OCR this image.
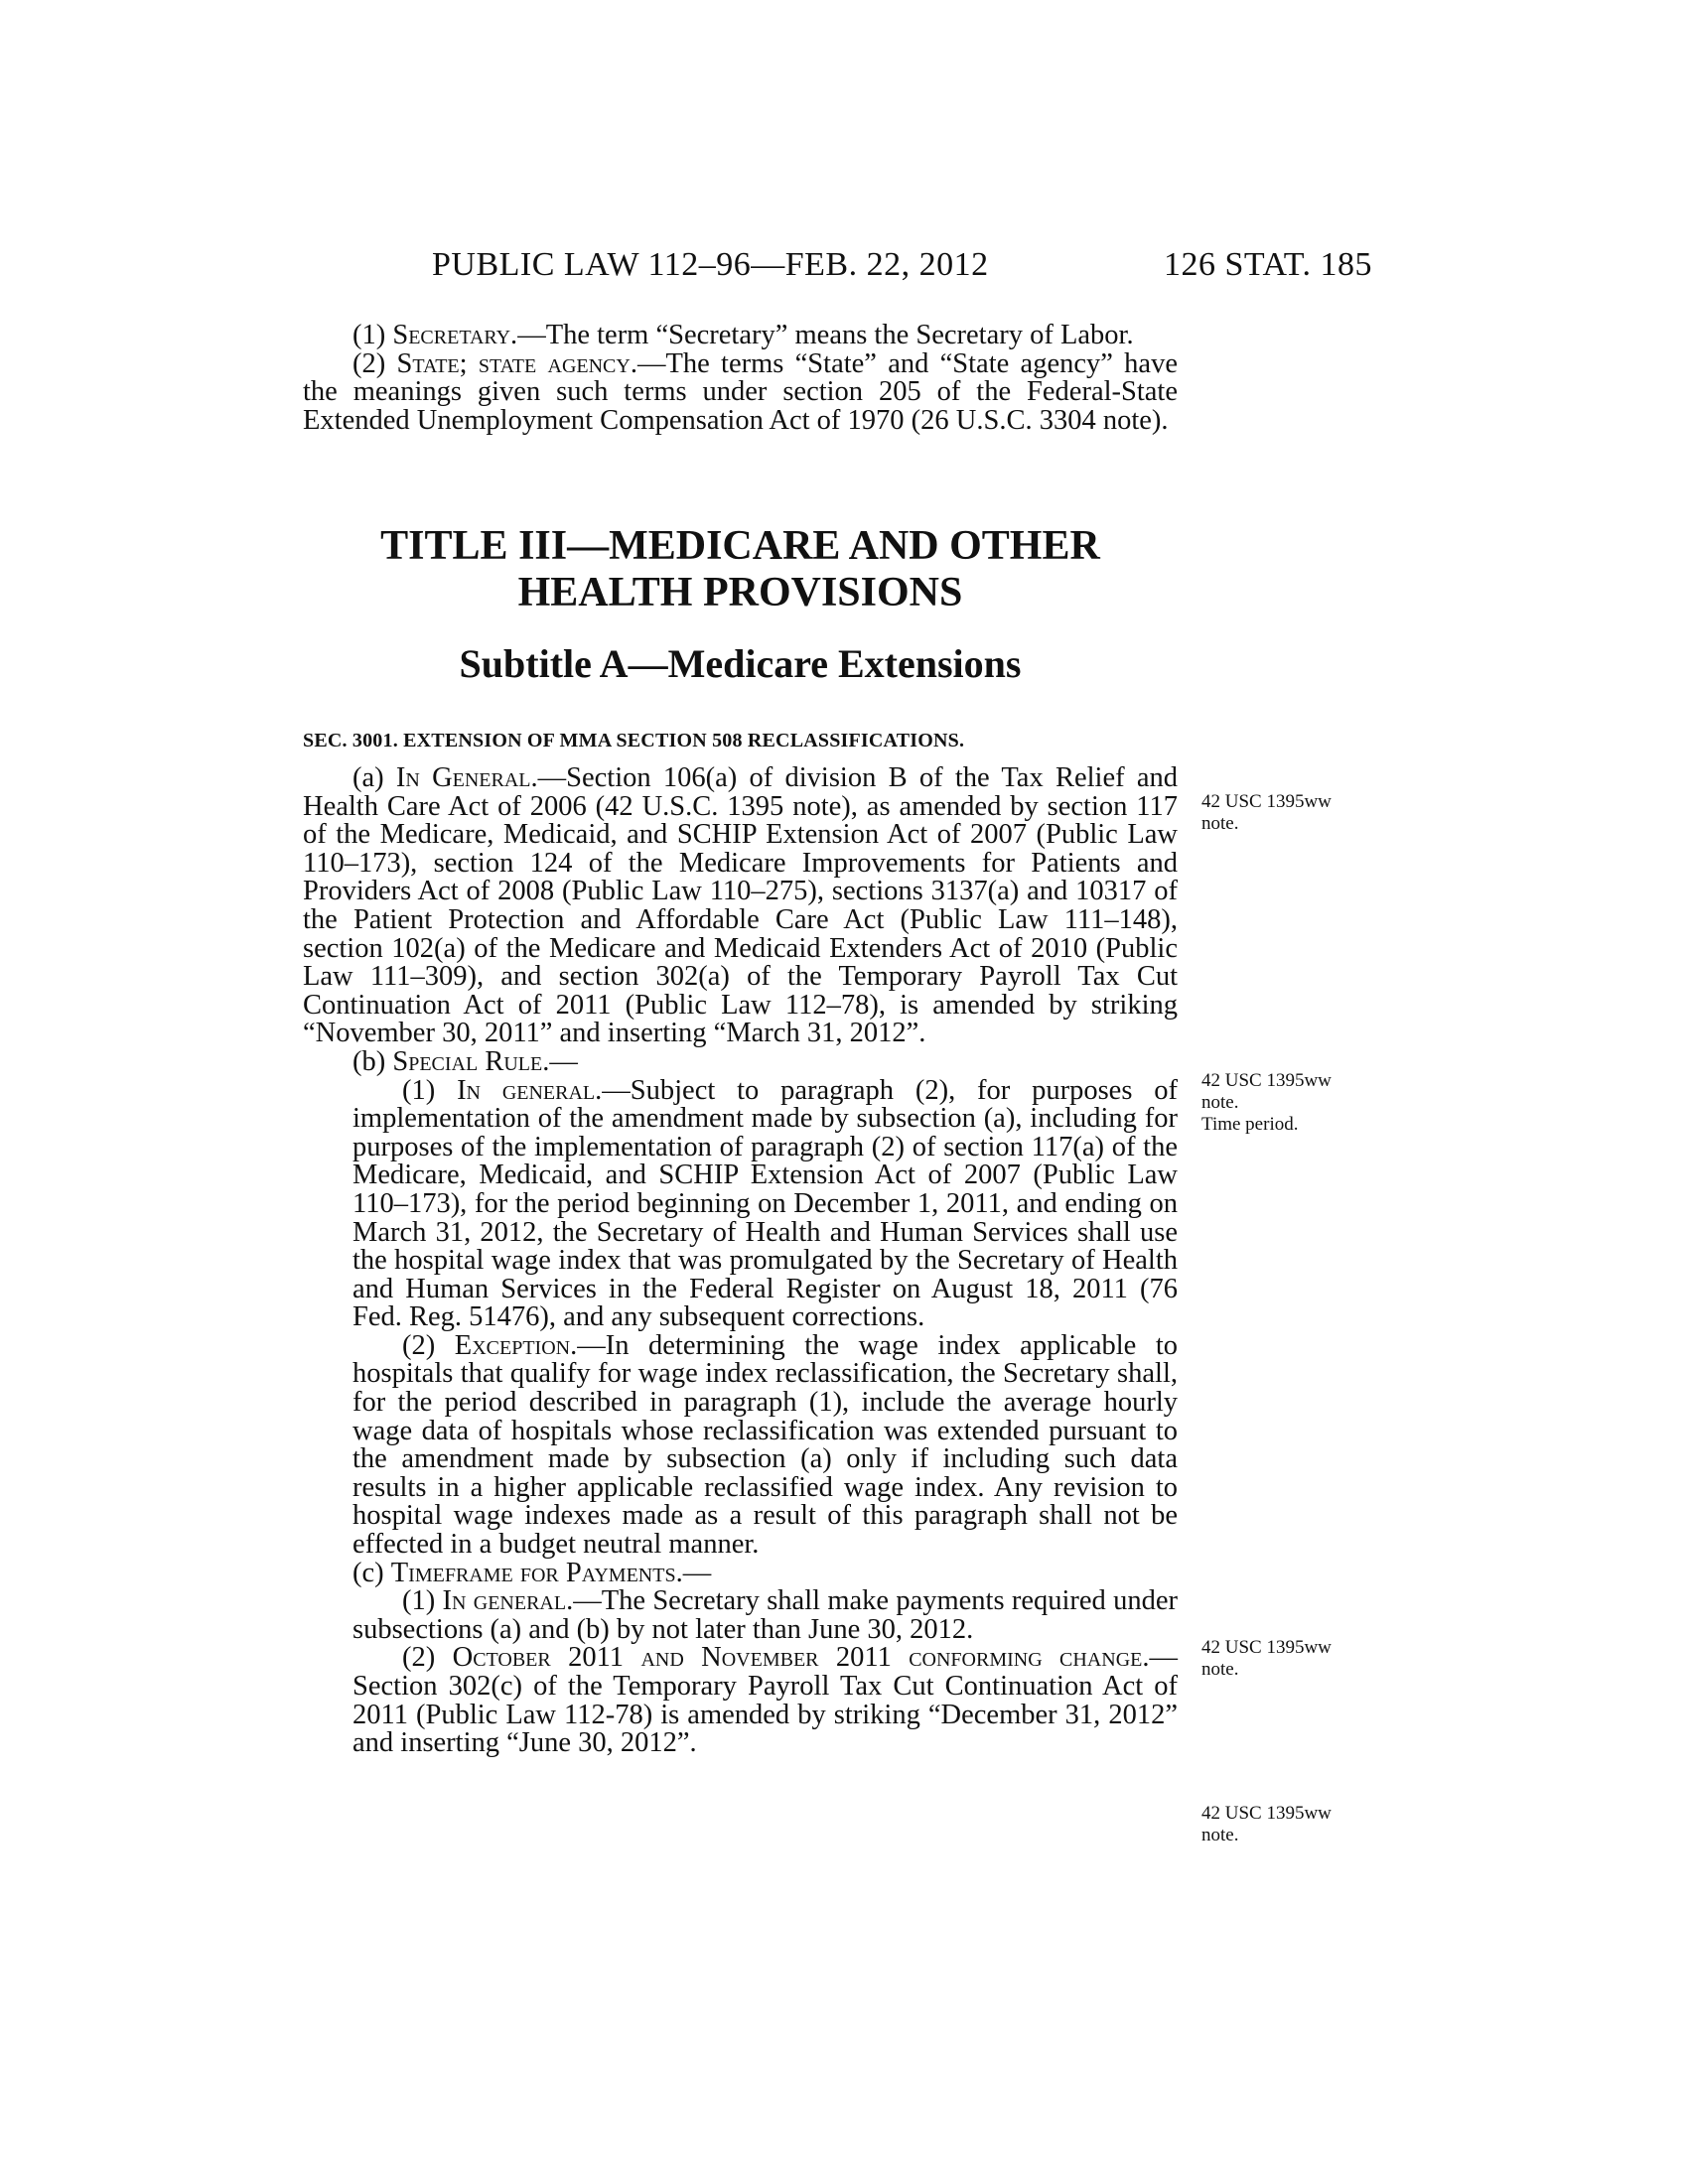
PUBLIC LAW 112–96—FEB. 22, 2012	126 STAT. 185

(1) Secretary.—The term “Secretary” means the Secretary of Labor.

(2) State; state agency.—The terms “State” and “State agency” have the meanings given such terms under section 205 of the Federal-State Extended Unemployment Compensation Act of 1970 (26 U.S.C. 3304 note).

TITLE III—MEDICARE AND OTHER
HEALTH PROVISIONS
Subtitle A—Medicare Extensions
SEC. 3001. EXTENSION OF MMA SECTION 508 RECLASSIFICATIONS.

(a) In General.—Section 106(a) of division B of the Tax Relief and Health Care Act of 2006 (42 U.S.C. 1395 note), as amended by section 117 of the Medicare, Medicaid, and SCHIP Extension Act of 2007 (Public Law 110–173), section 124 of the Medicare Improvements for Patients and Providers Act of 2008 (Public Law 110–275), sections 3137(a) and 10317 of the Patient Protection and Affordable Care Act (Public Law 111–148), section 102(a) of the Medicare and Medicaid Extenders Act of 2010 (Public Law 111–309), and section 302(a) of the Temporary Payroll Tax Cut Continuation Act of 2011 (Public Law 112–78), is amended by striking “November 30, 2011” and inserting “March 31, 2012”.

(b) Special Rule.—

(1) In general.—Subject to paragraph (2), for purposes of implementation of the amendment made by subsection (a), including for purposes of the implementation of paragraph (2) of section 117(a) of the Medicare, Medicaid, and SCHIP Extension Act of 2007 (Public Law 110–173), for the period beginning on December 1, 2011, and ending on March 31, 2012, the Secretary of Health and Human Services shall use the hospital wage index that was promulgated by the Secretary of Health and Human Services in the Federal Register on August 18, 2011 (76 Fed. Reg. 51476), and any subsequent corrections.

(2) Exception.—In determining the wage index applicable to hospitals that qualify for wage index reclassification, the Secretary shall, for the period described in paragraph (1), include the average hourly wage data of hospitals whose reclassification was extended pursuant to the amendment made by subsection (a) only if including such data results in a higher applicable reclassified wage index. Any revision to hospital wage indexes made as a result of this paragraph shall not be effected in a budget neutral manner.

(c) Timeframe for Payments.—

(1) In general.—The Secretary shall make payments required under subsections (a) and (b) by not later than June 30, 2012.

(2) October 2011 and November 2011 conforming change.—Section 302(c) of the Temporary Payroll Tax Cut Continuation Act of 2011 (Public Law 112-78) is amended by striking “December 31, 2012” and inserting “June 30, 2012”.

42 USC 1395ww
note.
42 USC 1395ww
note.
Time period.
42 USC 1395ww
note.
42 USC 1395ww
note.
